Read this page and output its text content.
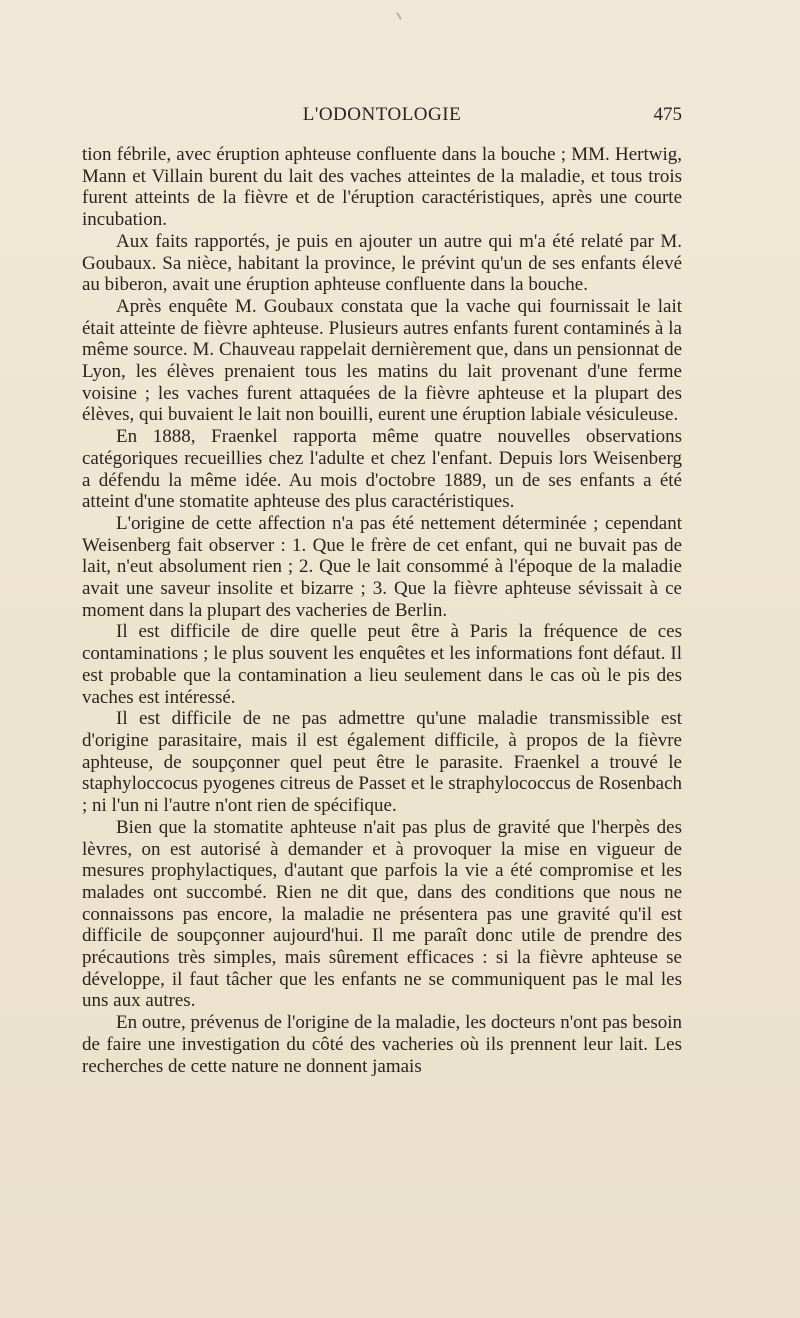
L'ODONTOLOGIE	475

tion fébrile, avec éruption aphteuse confluente dans la bouche ; MM. Hertwig, Mann et Villain burent du lait des vaches atteintes de la maladie, et tous trois furent atteints de la fièvre et de l'éruption caractéristiques, après une courte incubation.

Aux faits rapportés, je puis en ajouter un autre qui m'a été relaté par M. Goubaux. Sa nièce, habitant la province, le prévint qu'un de ses enfants élevé au biberon, avait une éruption aphteuse confluente dans la bouche.

Après enquête M. Goubaux constata que la vache qui fournissait le lait était atteinte de fièvre aphteuse. Plusieurs autres enfants furent contaminés à la même source. M. Chauveau rappelait dernièrement que, dans un pensionnat de Lyon, les élèves prenaient tous les matins du lait provenant d'une ferme voisine ; les vaches furent attaquées de la fièvre aphteuse et la plupart des élèves, qui buvaient le lait non bouilli, eurent une éruption labiale vésiculeuse.

En 1888, Fraenkel rapporta même quatre nouvelles observations catégoriques recueillies chez l'adulte et chez l'enfant. Depuis lors Weisenberg a défendu la même idée. Au mois d'octobre 1889, un de ses enfants a été atteint d'une stomatite aphteuse des plus caractéristiques.

L'origine de cette affection n'a pas été nettement déterminée ; cependant Weisenberg fait observer : 1. Que le frère de cet enfant, qui ne buvait pas de lait, n'eut absolument rien ; 2. Que le lait consommé à l'époque de la maladie avait une saveur insolite et bizarre ; 3. Que la fièvre aphteuse sévissait à ce moment dans la plupart des vacheries de Berlin.

Il est difficile de dire quelle peut être à Paris la fréquence de ces contaminations ; le plus souvent les enquêtes et les informations font défaut. Il est probable que la contamination a lieu seulement dans le cas où le pis des vaches est intéressé.

Il est difficile de ne pas admettre qu'une maladie transmissible est d'origine parasitaire, mais il est également difficile, à propos de la fièvre aphteuse, de soupçonner quel peut être le parasite. Fraenkel a trouvé le staphyloccocus pyogenes citreus de Passet et le straphylococcus de Rosenbach ; ni l'un ni l'autre n'ont rien de spécifique.

Bien que la stomatite aphteuse n'ait pas plus de gravité que l'herpès des lèvres, on est autorisé à demander et à provoquer la mise en vigueur de mesures prophylactiques, d'autant que parfois la vie a été compromise et les malades ont succombé. Rien ne dit que, dans des conditions que nous ne connaissons pas encore, la maladie ne présentera pas une gravité qu'il est difficile de soupçonner aujourd'hui. Il me paraît donc utile de prendre des précautions très simples, mais sûrement efficaces : si la fièvre aphteuse se développe, il faut tâcher que les enfants ne se communiquent pas le mal les uns aux autres.

En outre, prévenus de l'origine de la maladie, les docteurs n'ont pas besoin de faire une investigation du côté des vacheries où ils prennent leur lait. Les recherches de cette nature ne donnent jamais
